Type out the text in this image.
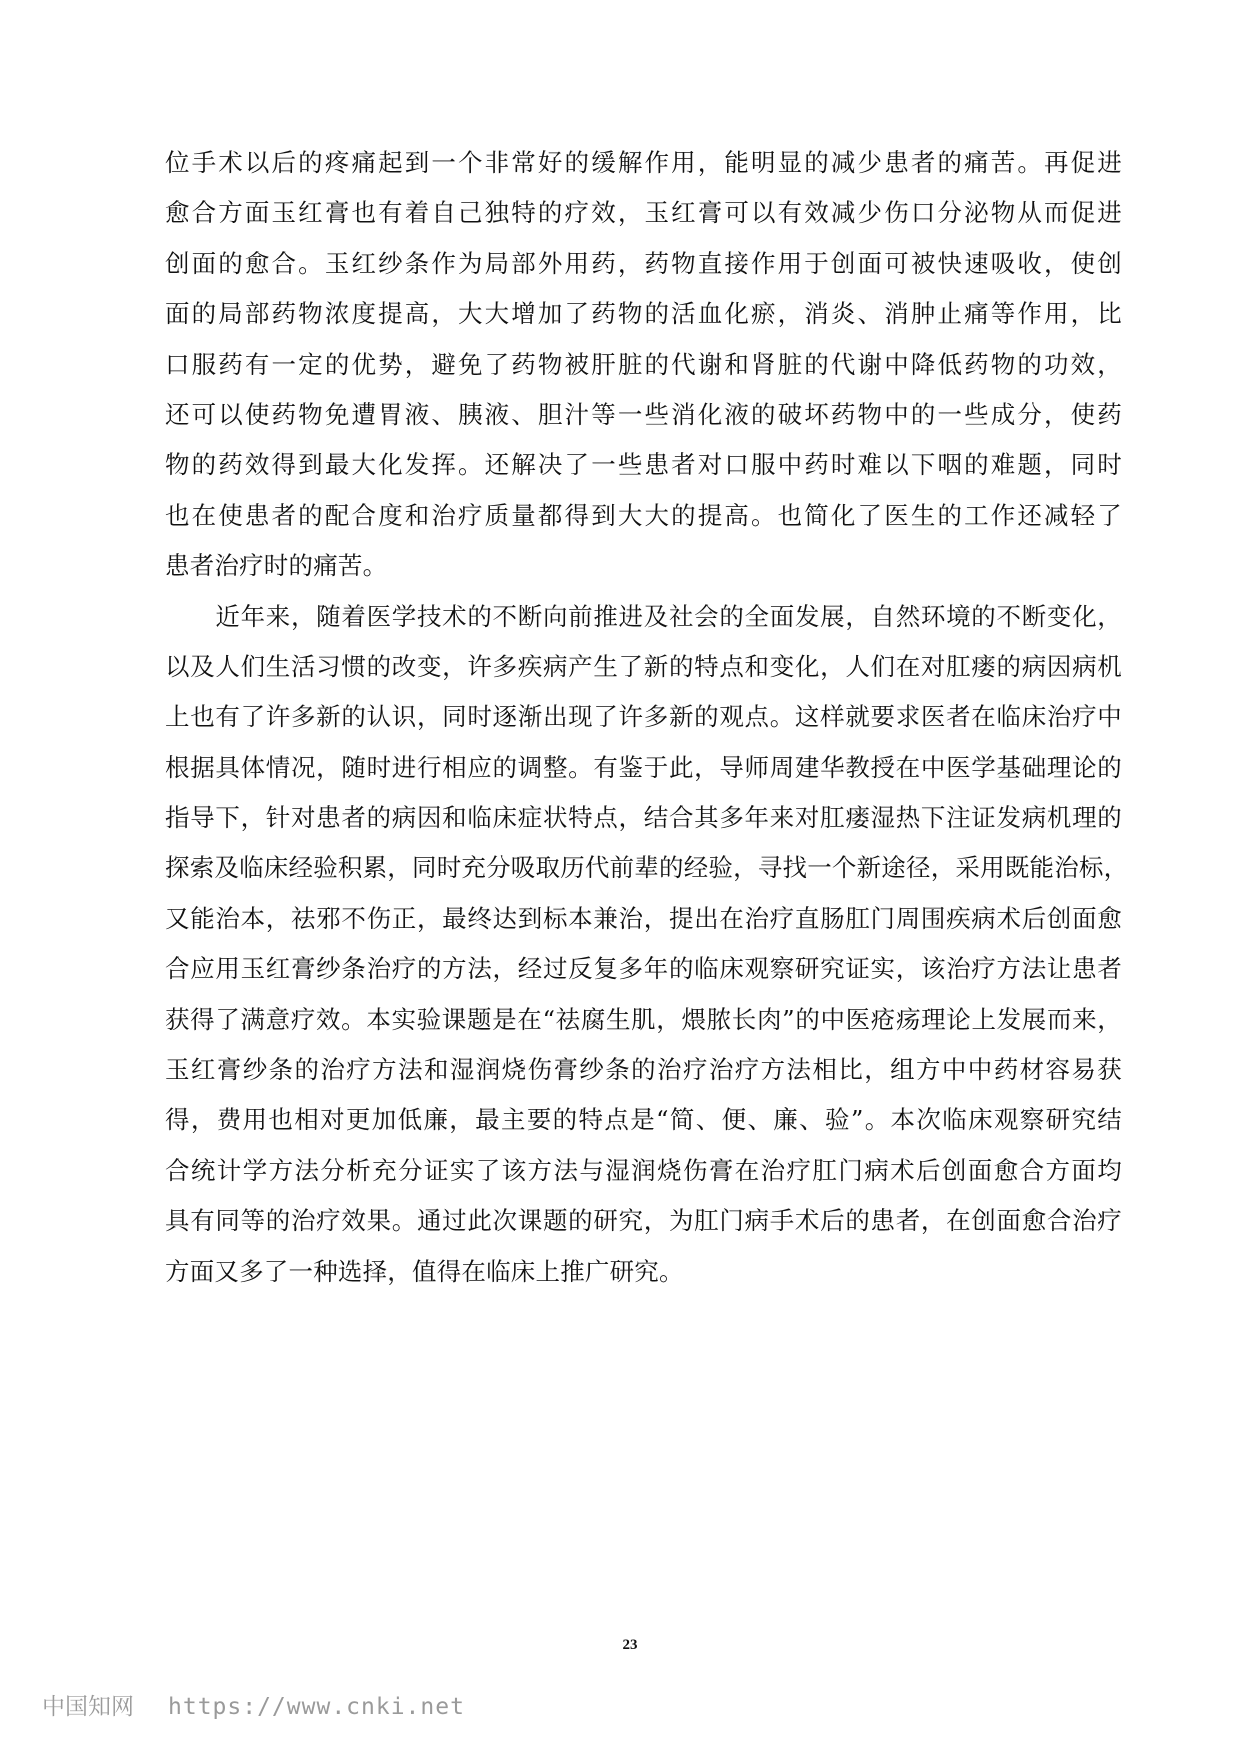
位手术以后的疼痛起到一个非常好的缓解作用，能明显的减少患者的痛苦。再促进
愈合方面玉红膏也有着自己独特的疗效，玉红膏可以有效减少伤口分泌物从而促进
创面的愈合。玉红纱条作为局部外用药，药物直接作用于创面可被快速吸收，使创
面的局部药物浓度提高，大大增加了药物的活血化瘀，消炎、消肿止痛等作用，比
口服药有一定的优势，避免了药物被肝脏的代谢和肾脏的代谢中降低药物的功效，
还可以使药物免遭胃液、胰液、胆汁等一些消化液的破坏药物中的一些成分，使药
物的药效得到最大化发挥。还解决了一些患者对口服中药时难以下咽的难题，同时
也在使患者的配合度和治疗质量都得到大大的提高。也简化了医生的工作还减轻了
患者治疗时的痛苦。
　　近年来，随着医学技术的不断向前推进及社会的全面发展，自然环境的不断变化，
以及人们生活习惯的改变，许多疾病产生了新的特点和变化，人们在对肛瘘的病因病机
上也有了许多新的认识，同时逐渐出现了许多新的观点。这样就要求医者在临床治疗中
根据具体情况，随时进行相应的调整。有鉴于此，导师周建华教授在中医学基础理论的
指导下，针对患者的病因和临床症状特点，结合其多年来对肛瘘湿热下注证发病机理的
探索及临床经验积累，同时充分吸取历代前辈的经验，寻找一个新途径，采用既能治标，
又能治本，祛邪不伤正，最终达到标本兼治，提出在治疗直肠肛门周围疾病术后创面愈
合应用玉红膏纱条治疗的方法，经过反复多年的临床观察研究证实，该治疗方法让患者
获得了满意疗效。本实验课题是在“祛腐生肌，煨脓长肉”的中医疮疡理论上发展而来，
玉红膏纱条的治疗方法和湿润烧伤膏纱条的治疗治疗方法相比，组方中中药材容易获
得，费用也相对更加低廉，最主要的特点是“简、便、廉、验”。本次临床观察研究结
合统计学方法分析充分证实了该方法与湿润烧伤膏在治疗肛门病术后创面愈合方面均
具有同等的治疗效果。通过此次课题的研究，为肛门病手术后的患者，在创面愈合治疗
方面又多了一种选择，值得在临床上推广研究。
23
中国知网 https://www.cnki.net
